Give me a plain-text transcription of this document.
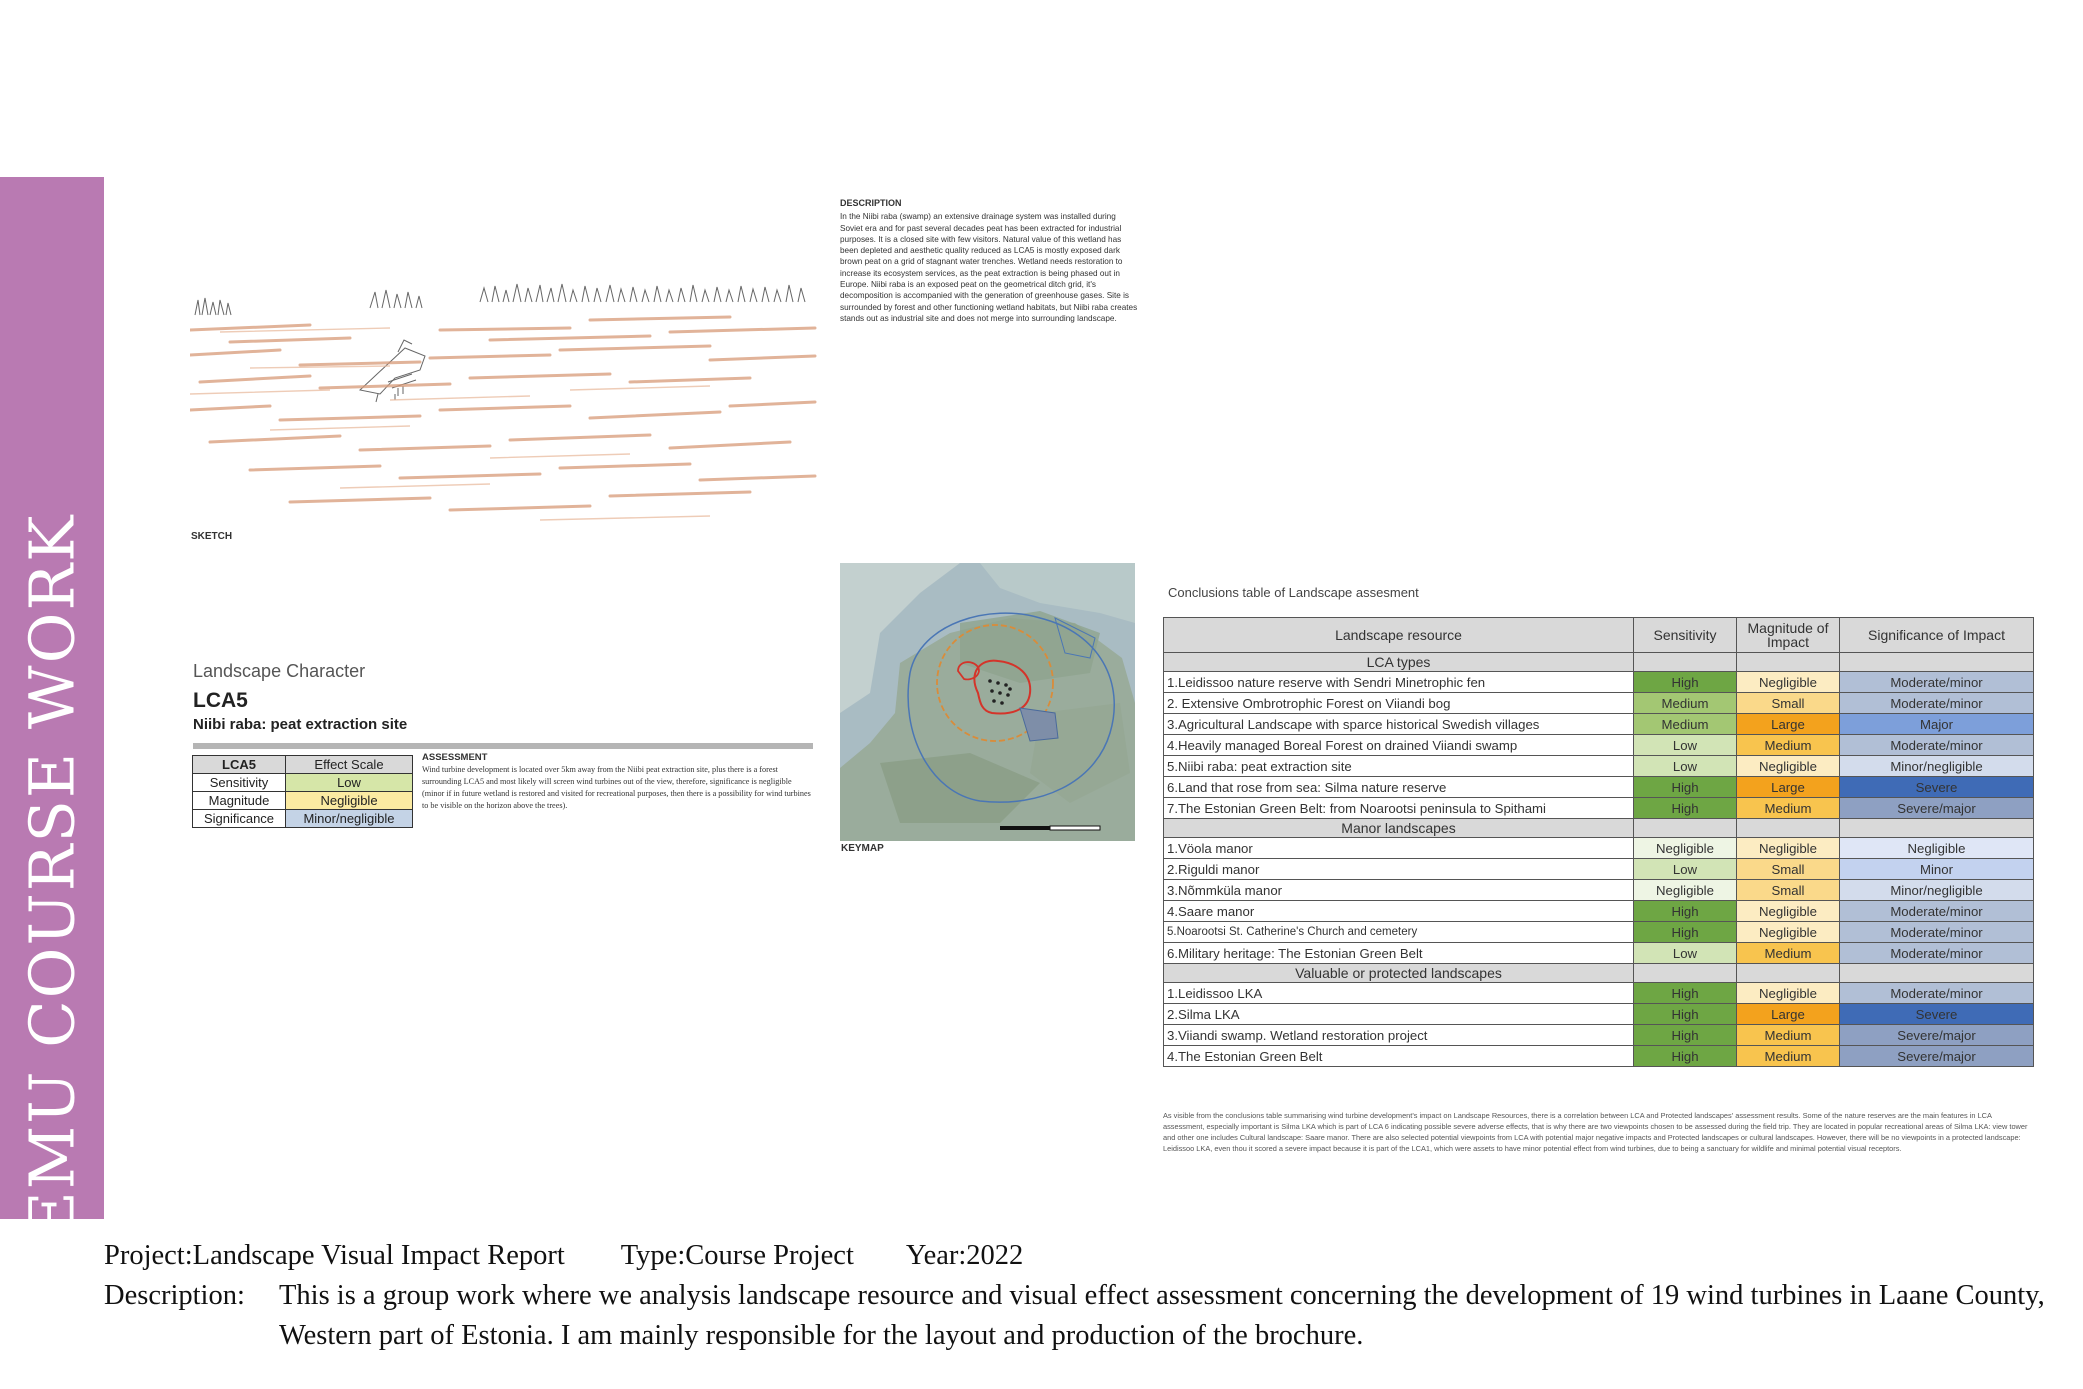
EMU COURSE WORK	SKETCH
DESCRIPTION
In the Niibi raba (swamp) an extensive drainage system was installed during Soviet era and for past several decades peat has been extracted for industrial purposes. It is a closed site with few visitors. Natural value of this wetland has been depleted and aesthetic quality reduced as LCA5 is mostly exposed dark brown peat on a grid of stagnant water trenches. Wetland needs restoration to increase its ecosystem services, as the peat extraction is being phased out in Europe. Niibi raba is an exposed peat on the geometrical ditch grid, it's decomposition is accompanied with the generation of greenhouse gases. Site is surrounded by forest and other functioning wetland habitats, but Niibi raba creates stands out as industrial site and does not merge into surrounding landscape.
Landscape Character
LCA5
Niibi raba: peat extraction site
LCA5	Effect Scale
Sensitivity	Low
Magnitude	Negligible
Significance	Minor/negligible
ASSESSMENT
Wind turbine development is located over 5km away from the Niibi peat extraction site, plus there is a forest surrounding LCA5 and most likely will screen wind turbines out of the view, therefore, significance is negligible (minor if in future wetland is restored and visited for recreational purposes, then there is a possibility for wind turbines to be visible on the horizon above the trees).
KEYMAP
Conclusions table of Landscape assesment
Landscape resource	Sensitivity	Magnitude of Impact	Significance of Impact
LCA types			
1.Leidissoo nature reserve with Sendri Minetrophic fen	High	Negligible	Moderate/minor
2. Extensive Ombrotrophic Forest on Viiandi bog	Medium	Small	Moderate/minor
3.Agricultural Landscape with sparce historical Swedish villages	Medium	Large	Major
4.Heavily managed Boreal Forest on drained Viiandi swamp	Low	Medium	Moderate/minor
5.Niibi raba: peat extraction site	Low	Negligible	Minor/negligible
6.Land that rose from sea: Silma nature reserve	High	Large	Severe
7.The Estonian Green Belt: from Noarootsi peninsula to Spithami	High	Medium	Severe/major
Manor landscapes			
1.Vöola manor	Negligible	Negligible	Negligible
2.Riguldi manor	Low	Small	Minor
3.Nõmmküla manor	Negligible	Small	Minor/negligible
4.Saare manor	High	Negligible	Moderate/minor
5.Noarootsi St. Catherine's Church and cemetery	High	Negligible	Moderate/minor
6.Military heritage: The Estonian Green Belt	Low	Medium	Moderate/minor
Valuable or protected landscapes			
1.Leidissoo LKA	High	Negligible	Moderate/minor
2.Silma LKA	High	Large	Severe
3.Viiandi swamp. Wetland restoration project	High	Medium	Severe/major
4.The Estonian Green Belt	High	Medium	Severe/major
As visible from the conclusions table summarising wind turbine development's impact on Landscape Resources, there is a correlation between LCA and Protected landscapes' assessment results. Some of the nature reserves are the main features in LCA assessment, especially important is Silma LKA which is part of LCA 6 indicating possible severe adverse effects, that is why there are two viewpoints chosen to be assessed during the field trip. They are located in popular recreational areas of Silma LKA: view tower and other one includes Cultural landscape: Saare manor. There are also selected potential viewpoints from LCA with potential major negative impacts and Protected landscapes or cultural landscapes. However, there will be no viewpoints in a protected landscape: Leidissoo LKA, even thou it scored a severe impact because it is part of the LCA1, which were assets to have minor potential effect from wind turbines, due to being a sanctuary for wildlife and minimal potential visual receptors.
Project:Landscape Visual Impact Report Type:Course Project Year:2022
Description: This is a group work where we analysis landscape resource and visual effect assessment concerning the development of 19 wind turbines in Laane County, Western part of Estonia. I am mainly responsible for the layout and production of the brochure.
